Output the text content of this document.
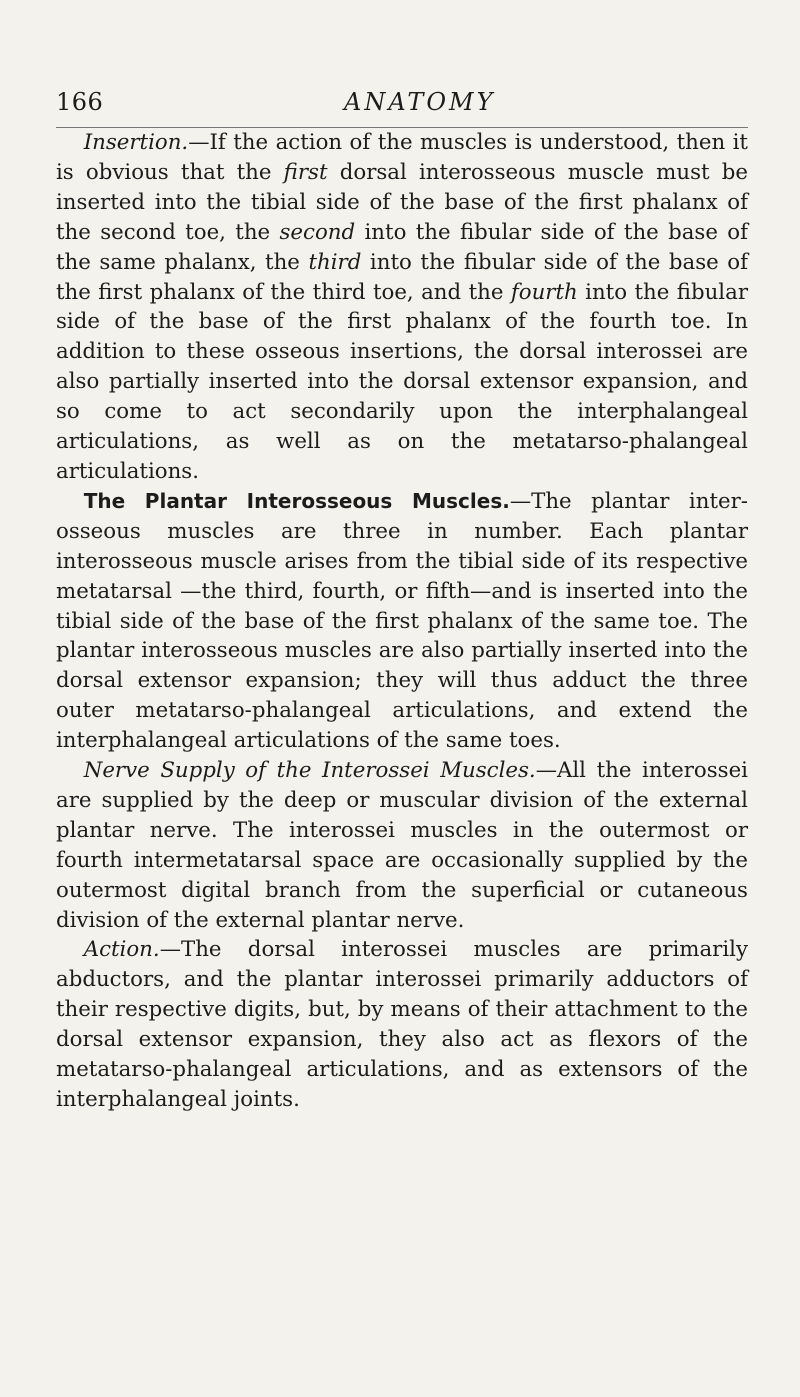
166	ANATOMY

Insertion.—If the action of the muscles is understood, then it is obvious that the first dorsal interosseous muscle must be inserted into the tibial side of the base of the first phalanx of the second toe, the second into the fibular side of the base of the same phalanx, the third into the fibular side of the base of the first phalanx of the third toe, and the fourth into the fibular side of the base of the first phalanx of the fourth toe. In addition to these osseous insertions, the dorsal interossei are also partially inserted into the dorsal extensor expansion, and so come to act secondarily upon the interphalangeal articulations, as well as on the metatarso-phalangeal articulations.

The Plantar Interosseous Muscles.—The plantar inter-osseous muscles are three in number. Each plantar interosseous muscle arises from the tibial side of its respective metatarsal —the third, fourth, or fifth—and is inserted into the tibial side of the base of the first phalanx of the same toe. The plantar interosseous muscles are also partially inserted into the dorsal extensor expansion; they will thus adduct the three outer metatarso-phalangeal articulations, and extend the interphalangeal articulations of the same toes.

Nerve Supply of the Interossei Muscles.—All the interossei are supplied by the deep or muscular division of the external plantar nerve. The interossei muscles in the outermost or fourth intermetatarsal space are occasionally supplied by the outermost digital branch from the superficial or cutaneous division of the external plantar nerve.

Action.—The dorsal interossei muscles are primarily abductors, and the plantar interossei primarily adductors of their respective digits, but, by means of their attachment to the dorsal extensor expansion, they also act as flexors of the metatarso-phalangeal articulations, and as extensors of the interphalangeal joints.
